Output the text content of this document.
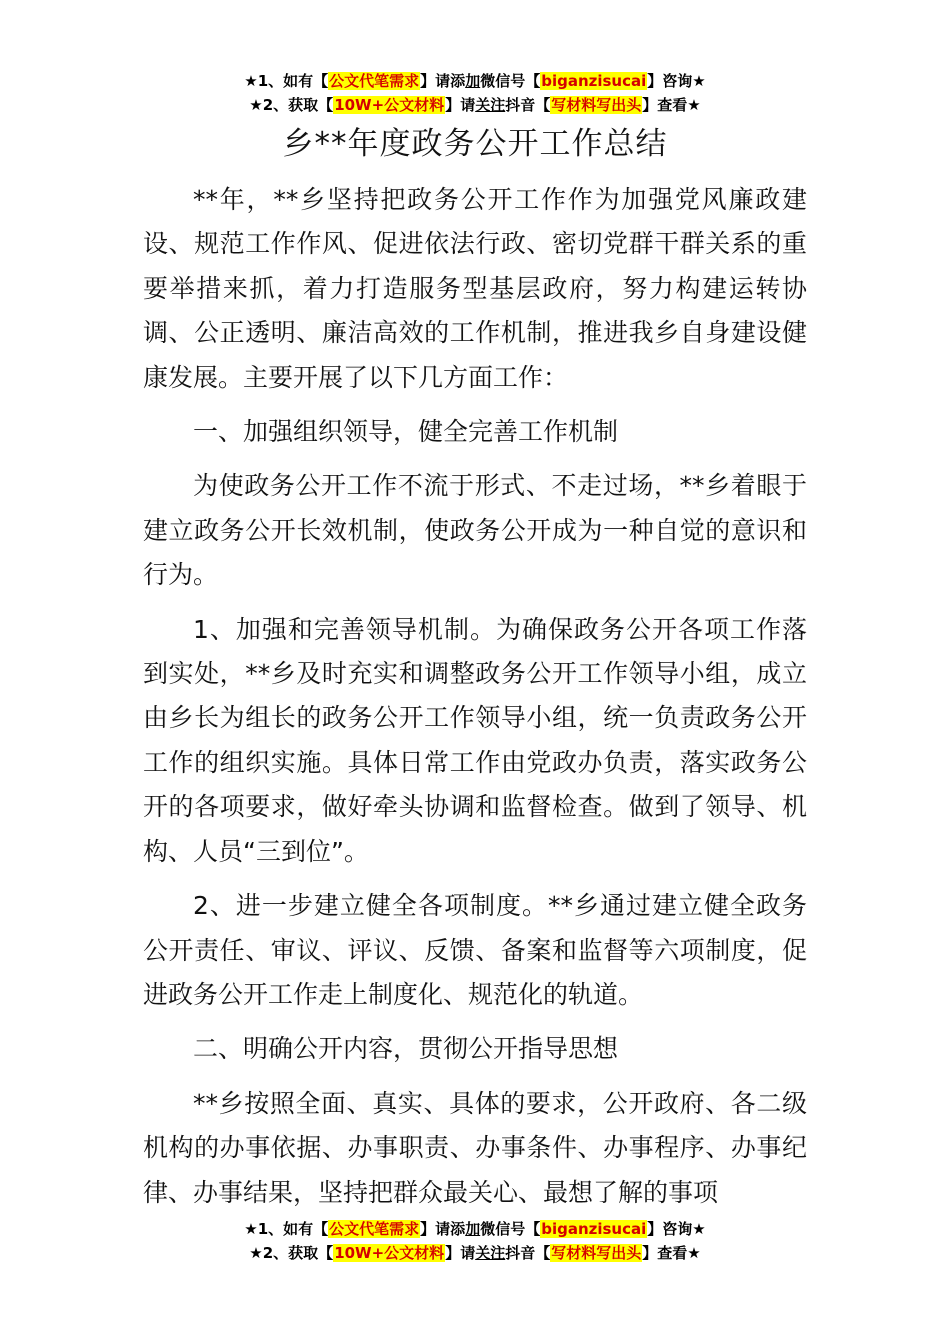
★1、如有【公文代笔需求】请添加微信号【biganzisucai】咨询★
★2、获取【10W+公文材料】请关注抖音【写材料写出头】查看★
乡**年度政务公开工作总结

**年，**乡坚持把政务公开工作作为加强党风廉政建设、规范工作作风、促进依法行政、密切党群干群关系的重要举措来抓，着力打造服务型基层政府，努力构建运转协调、公正透明、廉洁高效的工作机制，推进我乡自身建设健康发展。主要开展了以下几方面工作：

一、加强组织领导，健全完善工作机制

为使政务公开工作不流于形式、不走过场，**乡着眼于建立政务公开长效机制，使政务公开成为一种自觉的意识和行为。

1、加强和完善领导机制。为确保政务公开各项工作落到实处，**乡及时充实和调整政务公开工作领导小组，成立由乡长为组长的政务公开工作领导小组，统一负责政务公开工作的组织实施。具体日常工作由党政办负责，落实政务公开的各项要求，做好牵头协调和监督检查。做到了领导、机构、人员“三到位”。

2、进一步建立健全各项制度。**乡通过建立健全政务公开责任、审议、评议、反馈、备案和监督等六项制度，促进政务公开工作走上制度化、规范化的轨道。

二、明确公开内容，贯彻公开指导思想

**乡按照全面、真实、具体的要求，公开政府、各二级机构的办事依据、办事职责、办事条件、办事程序、办事纪律、办事结果，坚持把群众最关心、最想了解的事项

★1、如有【公文代笔需求】请添加微信号【biganzisucai】咨询★
★2、获取【10W+公文材料】请关注抖音【写材料写出头】查看★
